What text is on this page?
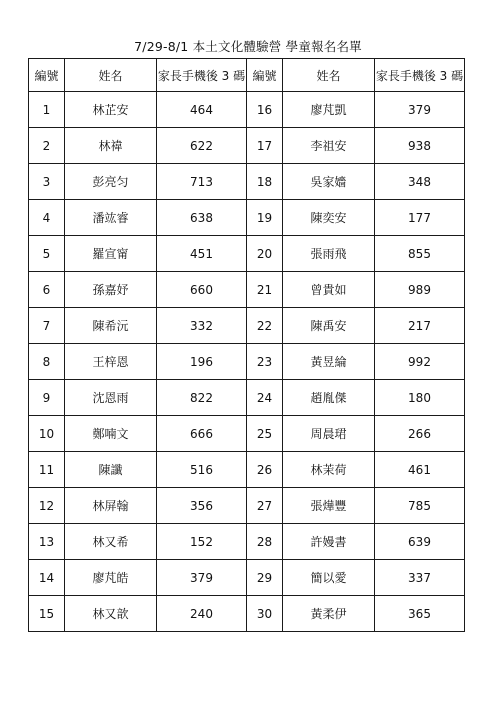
7/29-8/1 本土文化體驗營 學童報名名單
編號	姓名	家長手機後 3 碼	編號	姓名	家長手機後 3 碼
1	林芷安	464	16	廖芃凱	379
2	林禕	622	17	李祖安	938
3	彭亮匀	713	18	吳家嬙	348
4	潘竑睿	638	19	陳奕安	177
5	羅宣甯	451	20	張雨飛	855
6	孫嘉妤	660	21	曾貴如	989
7	陳希沅	332	22	陳禹安	217
8	王梓恩	196	23	黃昱綸	992
9	沈恩雨	822	24	趙胤傑	180
10	鄭喃文	666	25	周晨珺	266
11	陳讖	516	26	林茉荷	461
12	林屏翰	356	27	張燁豐	785
13	林又希	152	28	許嫚書	639
14	廖芃皓	379	29	簡以愛	337
15	林又歆	240	30	黃柔伊	365
